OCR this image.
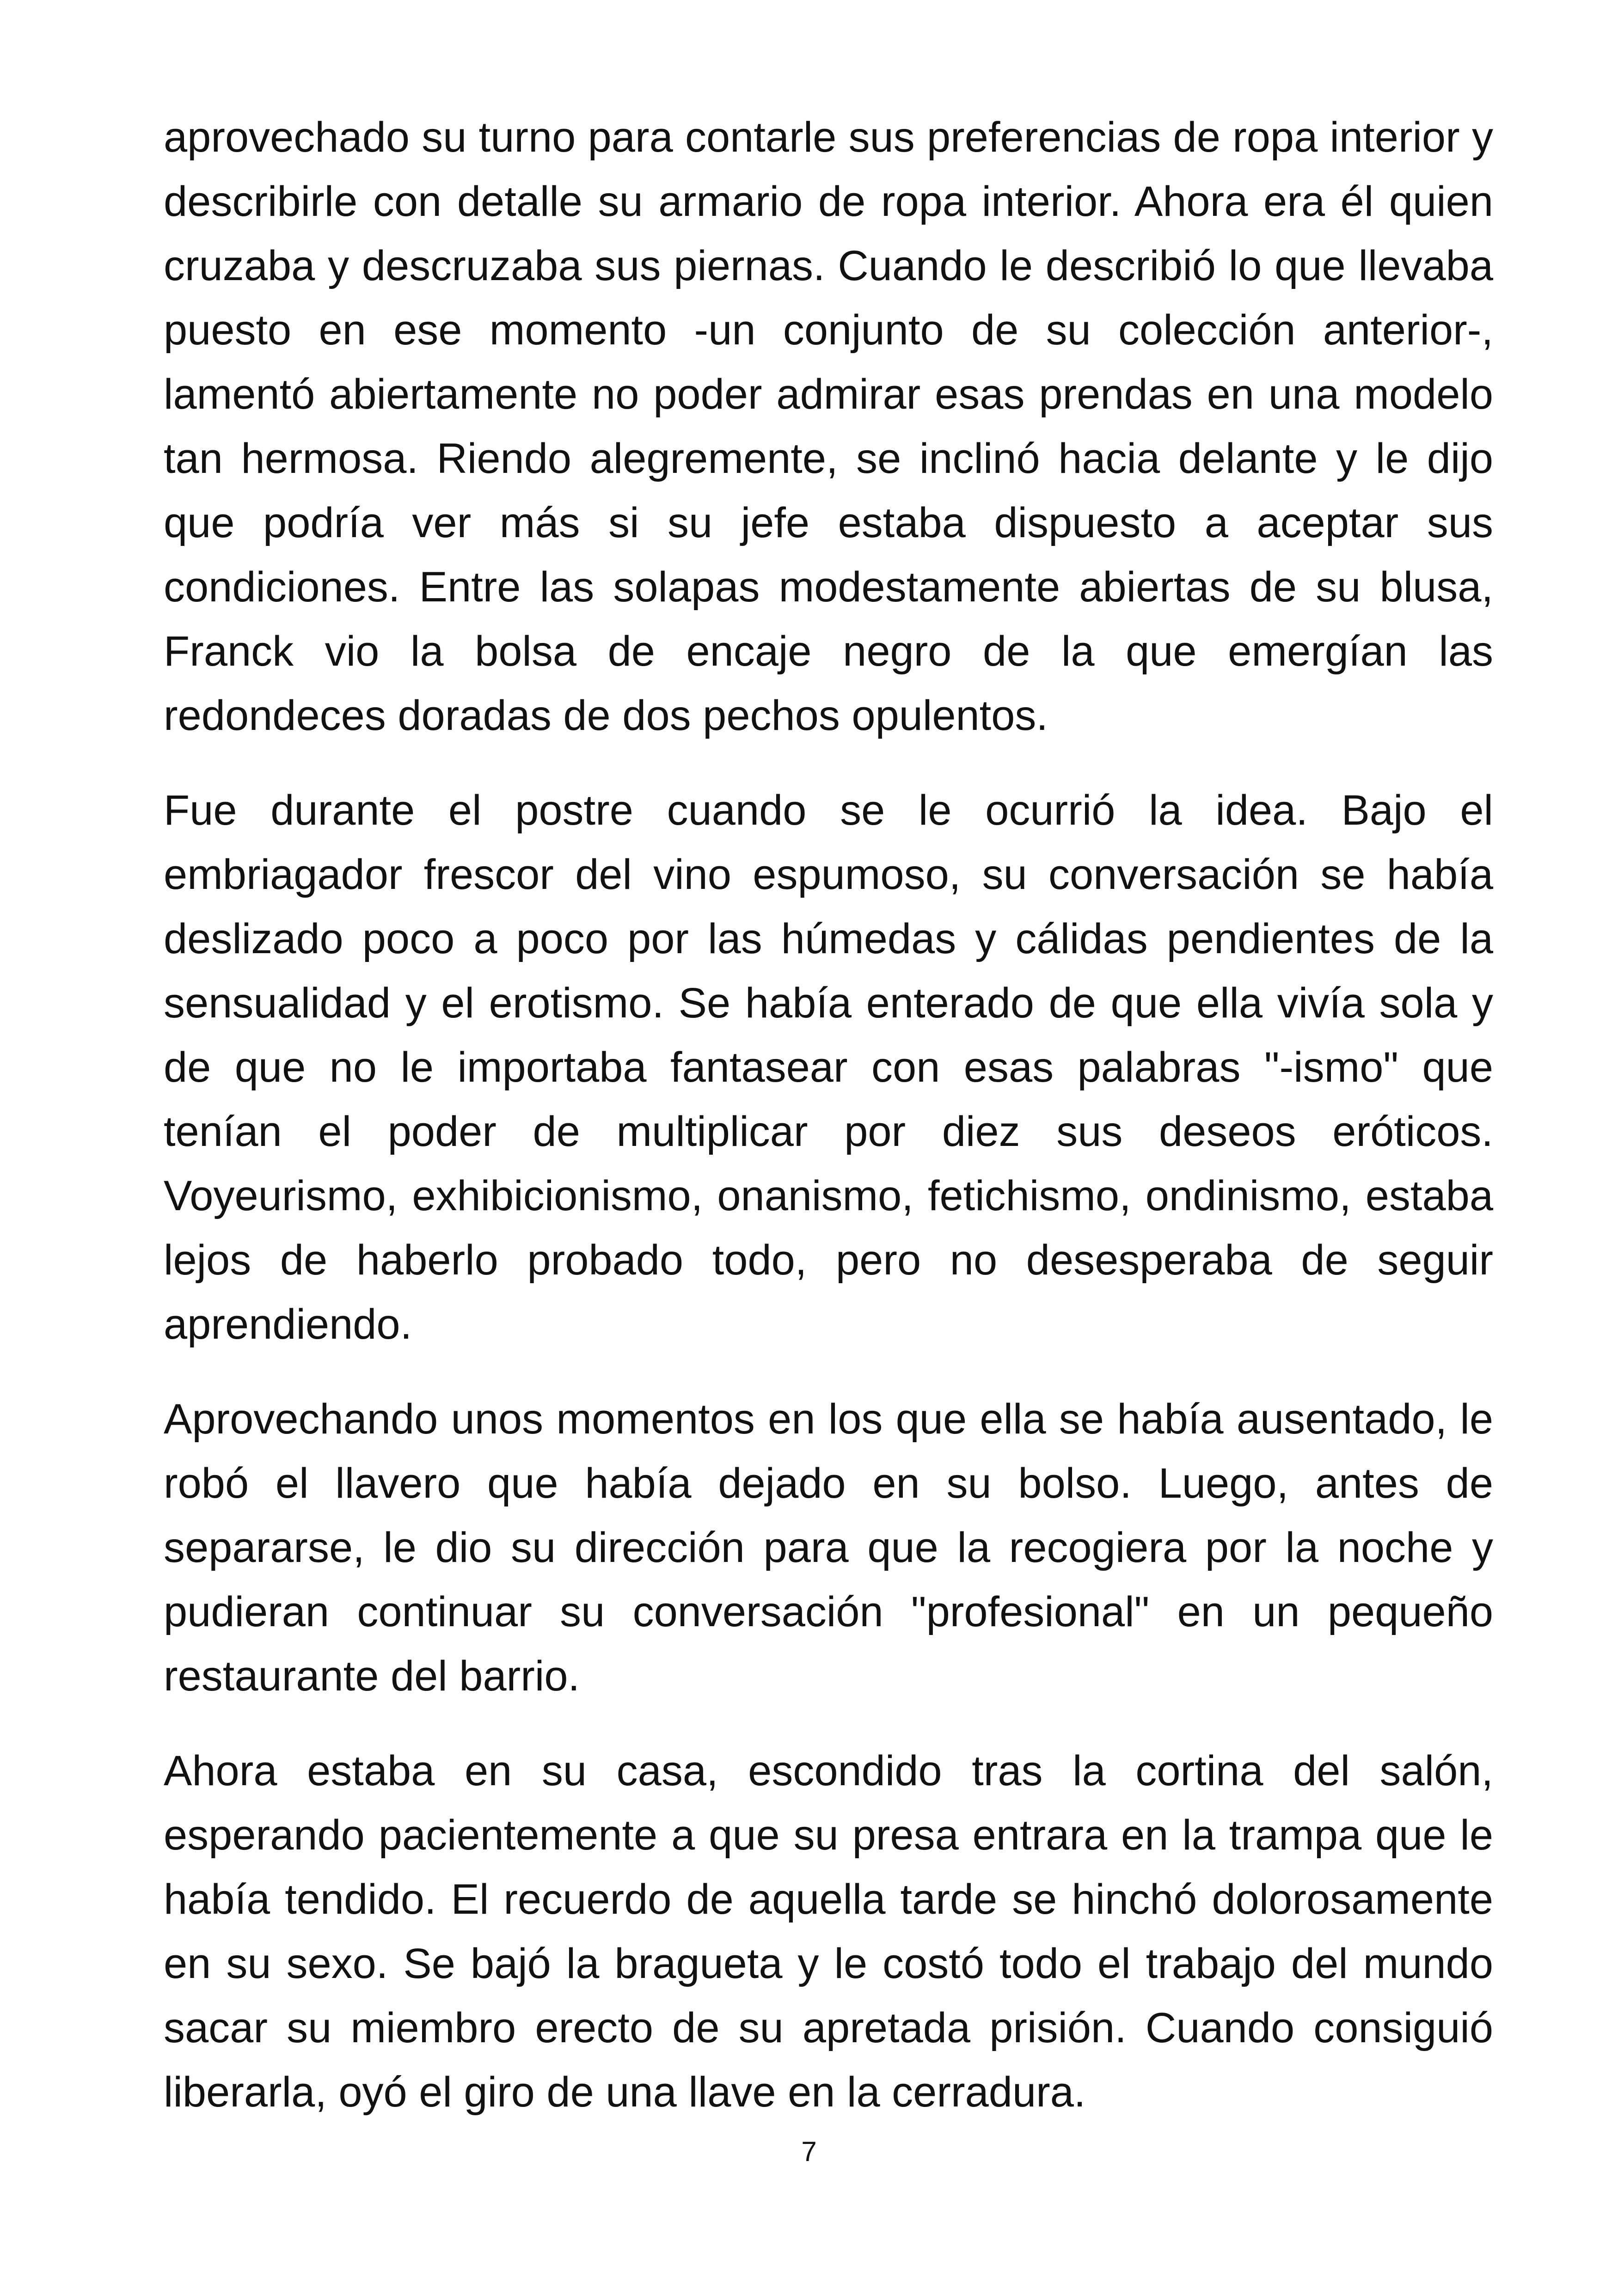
aprovechado su turno para contarle sus preferencias de ropa interior y describirle con detalle su armario de ropa interior. Ahora era él quien cruzaba y descruzaba sus piernas. Cuando le describió lo que llevaba puesto en ese momento -un conjunto de su colección anterior-, lamentó abiertamente no poder admirar esas prendas en una modelo tan hermosa. Riendo alegremente, se inclinó hacia delante y le dijo que podría ver más si su jefe estaba dispuesto a aceptar sus condiciones. Entre las solapas modestamente abiertas de su blusa, Franck vio la bolsa de encaje negro de la que emergían las redondeces doradas de dos pechos opulentos.

Fue durante el postre cuando se le ocurrió la idea. Bajo el embriagador frescor del vino espumoso, su conversación se había deslizado poco a poco por las húmedas y cálidas pendientes de la sensualidad y el erotismo. Se había enterado de que ella vivía sola y de que no le importaba fantasear con esas palabras "-ismo" que tenían el poder de multiplicar por diez sus deseos eróticos. Voyeurismo, exhibicionismo, onanismo, fetichismo, ondinismo, estaba lejos de haberlo probado todo, pero no desesperaba de seguir aprendiendo.

Aprovechando unos momentos en los que ella se había ausentado, le robó el llavero que había dejado en su bolso. Luego, antes de separarse, le dio su dirección para que la recogiera por la noche y pudieran continuar su conversación "profesional" en un pequeño restaurante del barrio.

Ahora estaba en su casa, escondido tras la cortina del salón, esperando pacientemente a que su presa entrara en la trampa que le había tendido. El recuerdo de aquella tarde se hinchó dolorosamente en su sexo. Se bajó la bragueta y le costó todo el trabajo del mundo sacar su miembro erecto de su apretada prisión. Cuando consiguió liberarla, oyó el giro de una llave en la cerradura.

7
